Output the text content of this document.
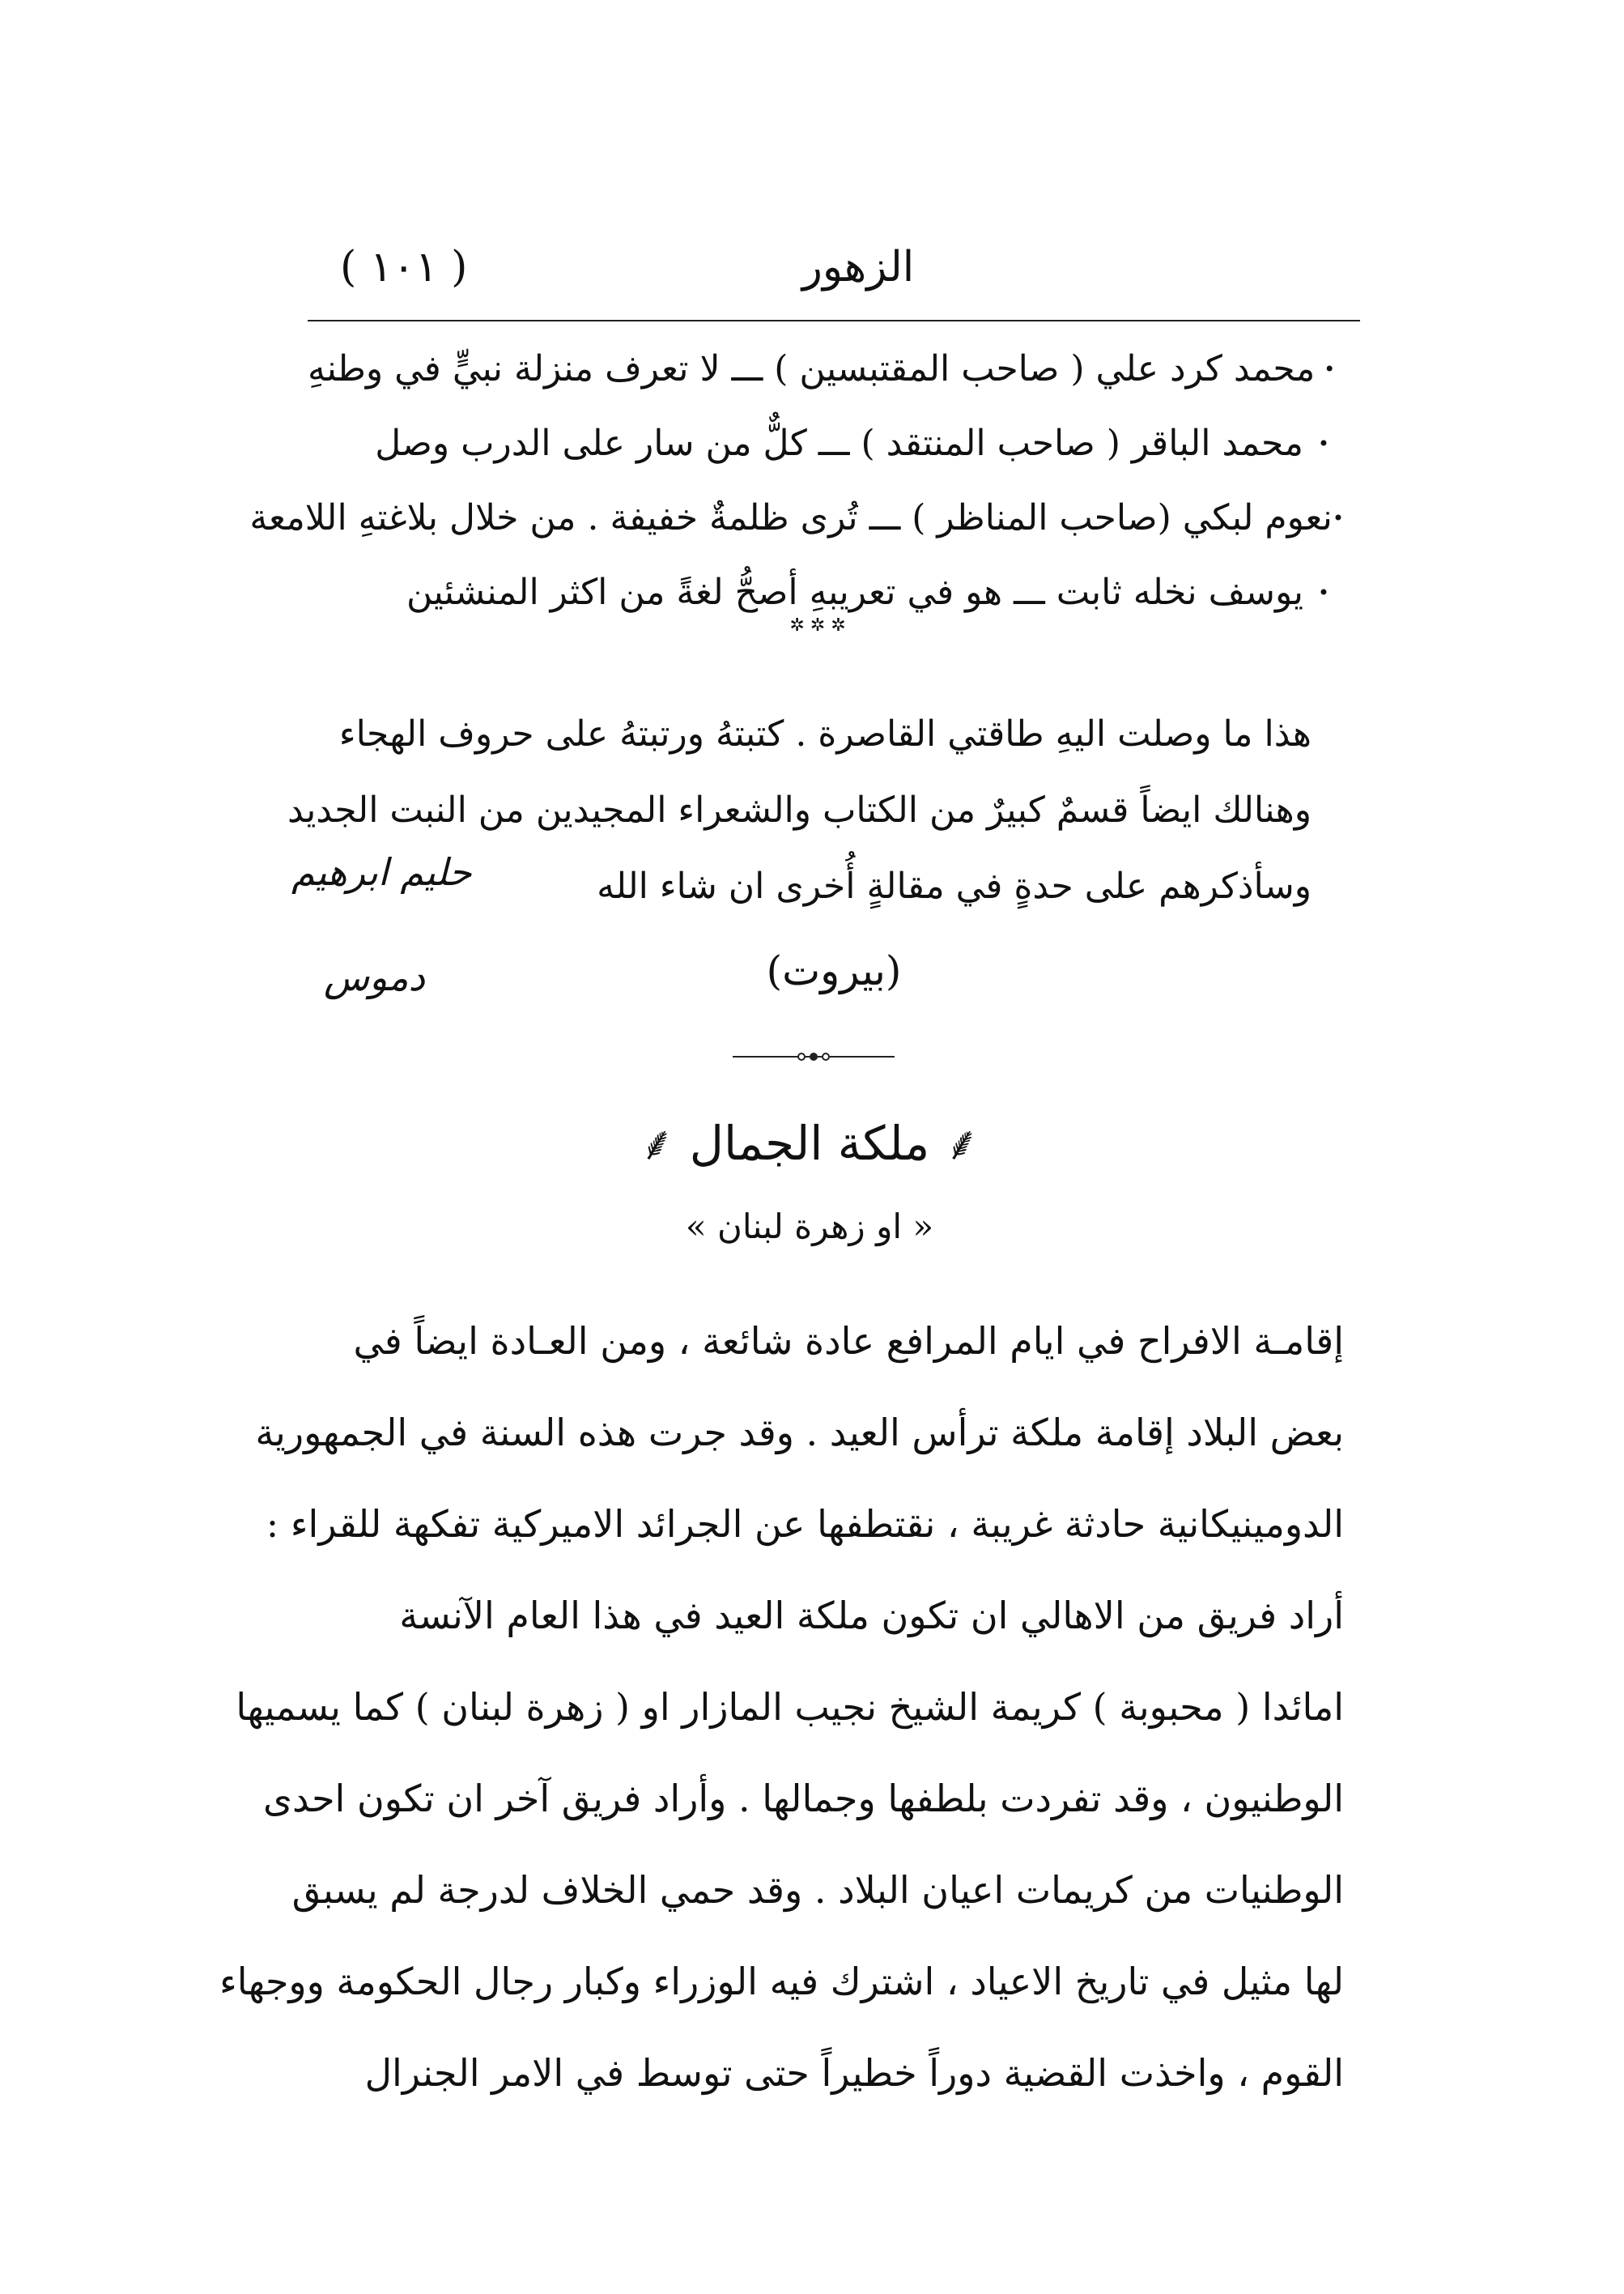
( ١٠١ )	الزهور
•
محمد كرد علي ( صاحب المقتبسين ) ـــ لا تعرف منزلة نبيٍّ في وطنهِ
•
محمد الباقر ( صاحب المنتقد ) ـــ كلٌّ من سار على الدرب وصل
•
نعوم لبكي (صاحب المناظر ) ـــ تُرى ظلمةٌ خفيفة . من خلال بلاغتهِ اللامعة
•
يوسف نخله ثابت ـــ هو في تعريبهِ أصحُّ لغةً من اكثر المنشئين
✲ ✲ ✲
هذا ما وصلت اليهِ طاقتي القاصرة . كتبتهُ ورتبتهُ على حروف الهجاء
وهنالك ايضاً قسمٌ كبيرٌ من الكتاب والشعراء المجيدين من النبت الجديد
وسأذكرهم على حدةٍ في مقالةٍ أُخرى ان شاء الله
حليم ابرهيم
(بيروت)
دموس
⸙ ملكة الجمال ⸙
« او زهرة لبنان »
إقامـة الافراح في ايام المرافع عادة شائعة ، ومن العـادة ايضاً في
بعض البلاد إقامة ملكة ترأس العيد . وقد جرت هذه السنة في الجمهورية
الدومينيكانية حادثة غريبة ، نقتطفها عن الجرائد الاميركية تفكهة للقراء :
أراد فريق من الاهالي ان تكون ملكة العيد في هذا العام الآنسة
امائدا ( محبوبة ) كريمة الشيخ نجيب المازار او ( زهرة لبنان ) كما يسميها
الوطنيون ، وقد تفردت بلطفها وجمالها . وأراد فريق آخر ان تكون احدى
الوطنيات من كريمات اعيان البلاد . وقد حمي الخلاف لدرجة لم يسبق
لها مثيل في تاريخ الاعياد ، اشترك فيه الوزراء وكبار رجال الحكومة ووجهاء
القوم ، واخذت القضية دوراً خطيراً حتى توسط في الامر الجنرال
